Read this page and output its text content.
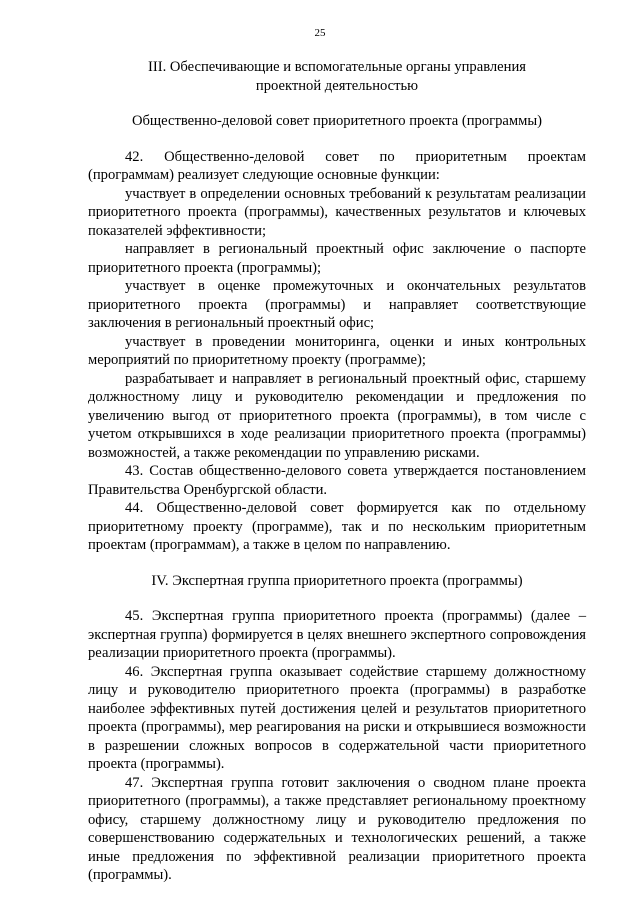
25

III. Обеспечивающие и вспомогательные органы управления

проектной деятельностью

Общественно-деловой совет приоритетного проекта (программы)

42. Общественно-деловой совет по приоритетным проектам (программам) реализует следующие основные функции:

участвует в определении основных требований к результатам реализации приоритетного проекта (программы), качественных результатов и ключевых показателей эффективности;

направляет в региональный проектный офис заключение о паспорте приоритетного проекта (программы);

участвует в оценке промежуточных и окончательных результатов приоритетного проекта (программы) и направляет соответствующие заключения в региональный проектный офис;

участвует в проведении мониторинга, оценки и иных контрольных мероприятий по приоритетному проекту (программе);

разрабатывает и направляет в региональный проектный офис, старшему должностному лицу и руководителю рекомендации и предложения по увеличению выгод от приоритетного проекта (программы), в том числе с учетом открывшихся в ходе реализации приоритетного проекта (программы) возможностей, а также рекомендации по управлению рисками.

43. Состав общественно-делового совета утверждается постановлением Правительства Оренбургской области.

44. Общественно-деловой совет формируется как по отдельному приоритетному проекту (программе), так и по нескольким приоритетным проектам (программам), а также в целом по направлению.

IV. Экспертная группа приоритетного проекта (программы)

45. Экспертная группа приоритетного проекта (программы) (далее – экспертная группа) формируется в целях внешнего экспертного сопровождения реализации приоритетного проекта (программы).

46. Экспертная группа оказывает содействие старшему должностному лицу и руководителю приоритетного проекта (программы) в разработке наиболее эффективных путей достижения целей и результатов приоритетного проекта (программы), мер реагирования на риски и открывшиеся возможности в разрешении сложных вопросов в содержательной части приоритетного проекта (программы).

47. Экспертная группа готовит заключения о сводном плане проекта приоритетного (программы), а также представляет региональному проектному офису, старшему должностному лицу и руководителю предложения по совершенствованию содержательных и технологических решений, а также иные предложения по эффективной реализации приоритетного проекта (программы).
